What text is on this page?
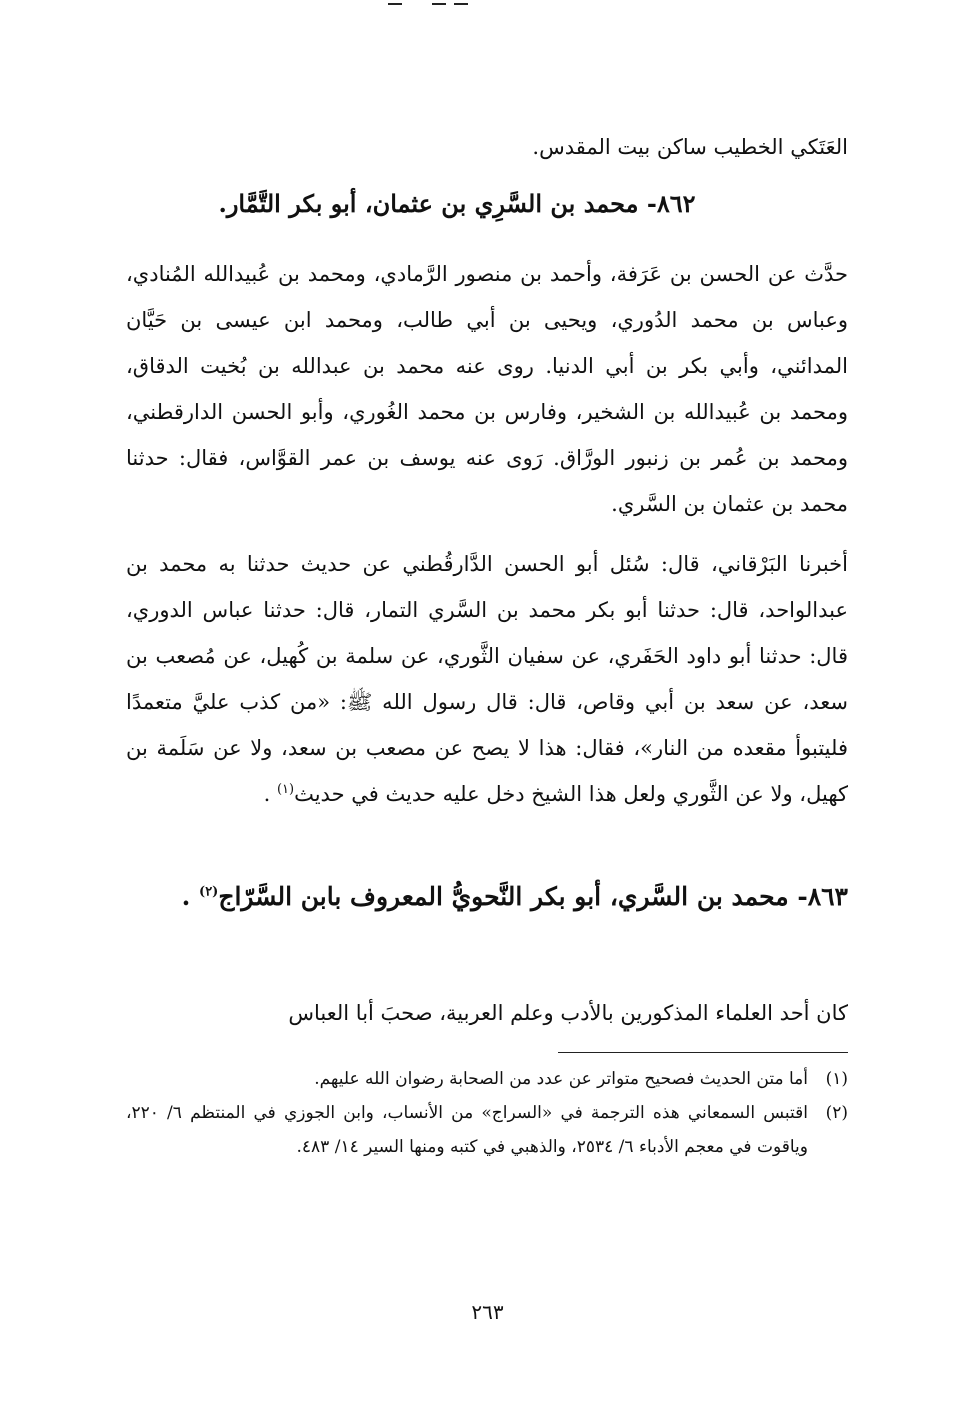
العَتَكي الخطيب ساكن بيت المقدس.
٨٦٢- محمد بن السَّرِي بن عثمان، أبو بكر التَّمَّار.
حدَّث عن الحسن بن عَرَفة، وأحمد بن منصور الرَّمادي، ومحمد بن عُبيدالله المُنادي، وعباس بن محمد الدُوري، ويحيى بن أبي طالب، ومحمد ابن عيسى بن حَيَّان المدائني، وأبي بكر بن أبي الدنيا. روى عنه محمد بن عبدالله بن بُخيت الدقاق، ومحمد بن عُبيدالله بن الشخير، وفارس بن محمد الغُوري، وأبو الحسن الدارقطني، ومحمد بن عُمر بن زنبور الورَّاق. رَوى عنه يوسف بن عمر القوَّاس، فقال: حدثنا محمد بن عثمان بن السَّري.
أخبرنا البَرْقاني، قال: سُئل أبو الحسن الدَّارقُطني عن حديث حدثنا به محمد بن عبدالواحد، قال: حدثنا أبو بكر محمد بن السَّري التمار، قال: حدثنا عباس الدوري، قال: حدثنا أبو داود الحَفَري، عن سفيان الثَّوري، عن سلمة بن كُهيل، عن مُصعب بن سعد، عن سعد بن أبي وقاص، قال: قال رسول الله ﷺ: «من كذب عليَّ متعمدًا فليتبوأ مقعده من النار»، فقال: هذا لا يصح عن مصعب بن سعد، ولا عن سَلَمة بن كهيل، ولا عن الثَّوري ولعل هذا الشيخ دخل عليه حديث في حديث$^{(١)}$ .
٨٦٣- محمد بن السَّري، أبو بكر النَّحويُّ المعروف بابن السَّرّاج$^{(٢)}$ .
كان أحد العلماء المذكورين بالأدب وعلم العربية، صحبَ أبا العباس
(١)
أما متن الحديث فصحيح متواتر عن عدد من الصحابة رضوان الله عليهم.
(٢)
اقتبس السمعاني هذه الترجمة في «السراج» من الأنساب، وابن الجوزي في المنتظم ٦/ ٢٢٠، وياقوت في معجم الأدباء ٦/ ٢٥٣٤، والذهبي في كتبه ومنها السير ١٤/ ٤٨٣.
٢٦٣
